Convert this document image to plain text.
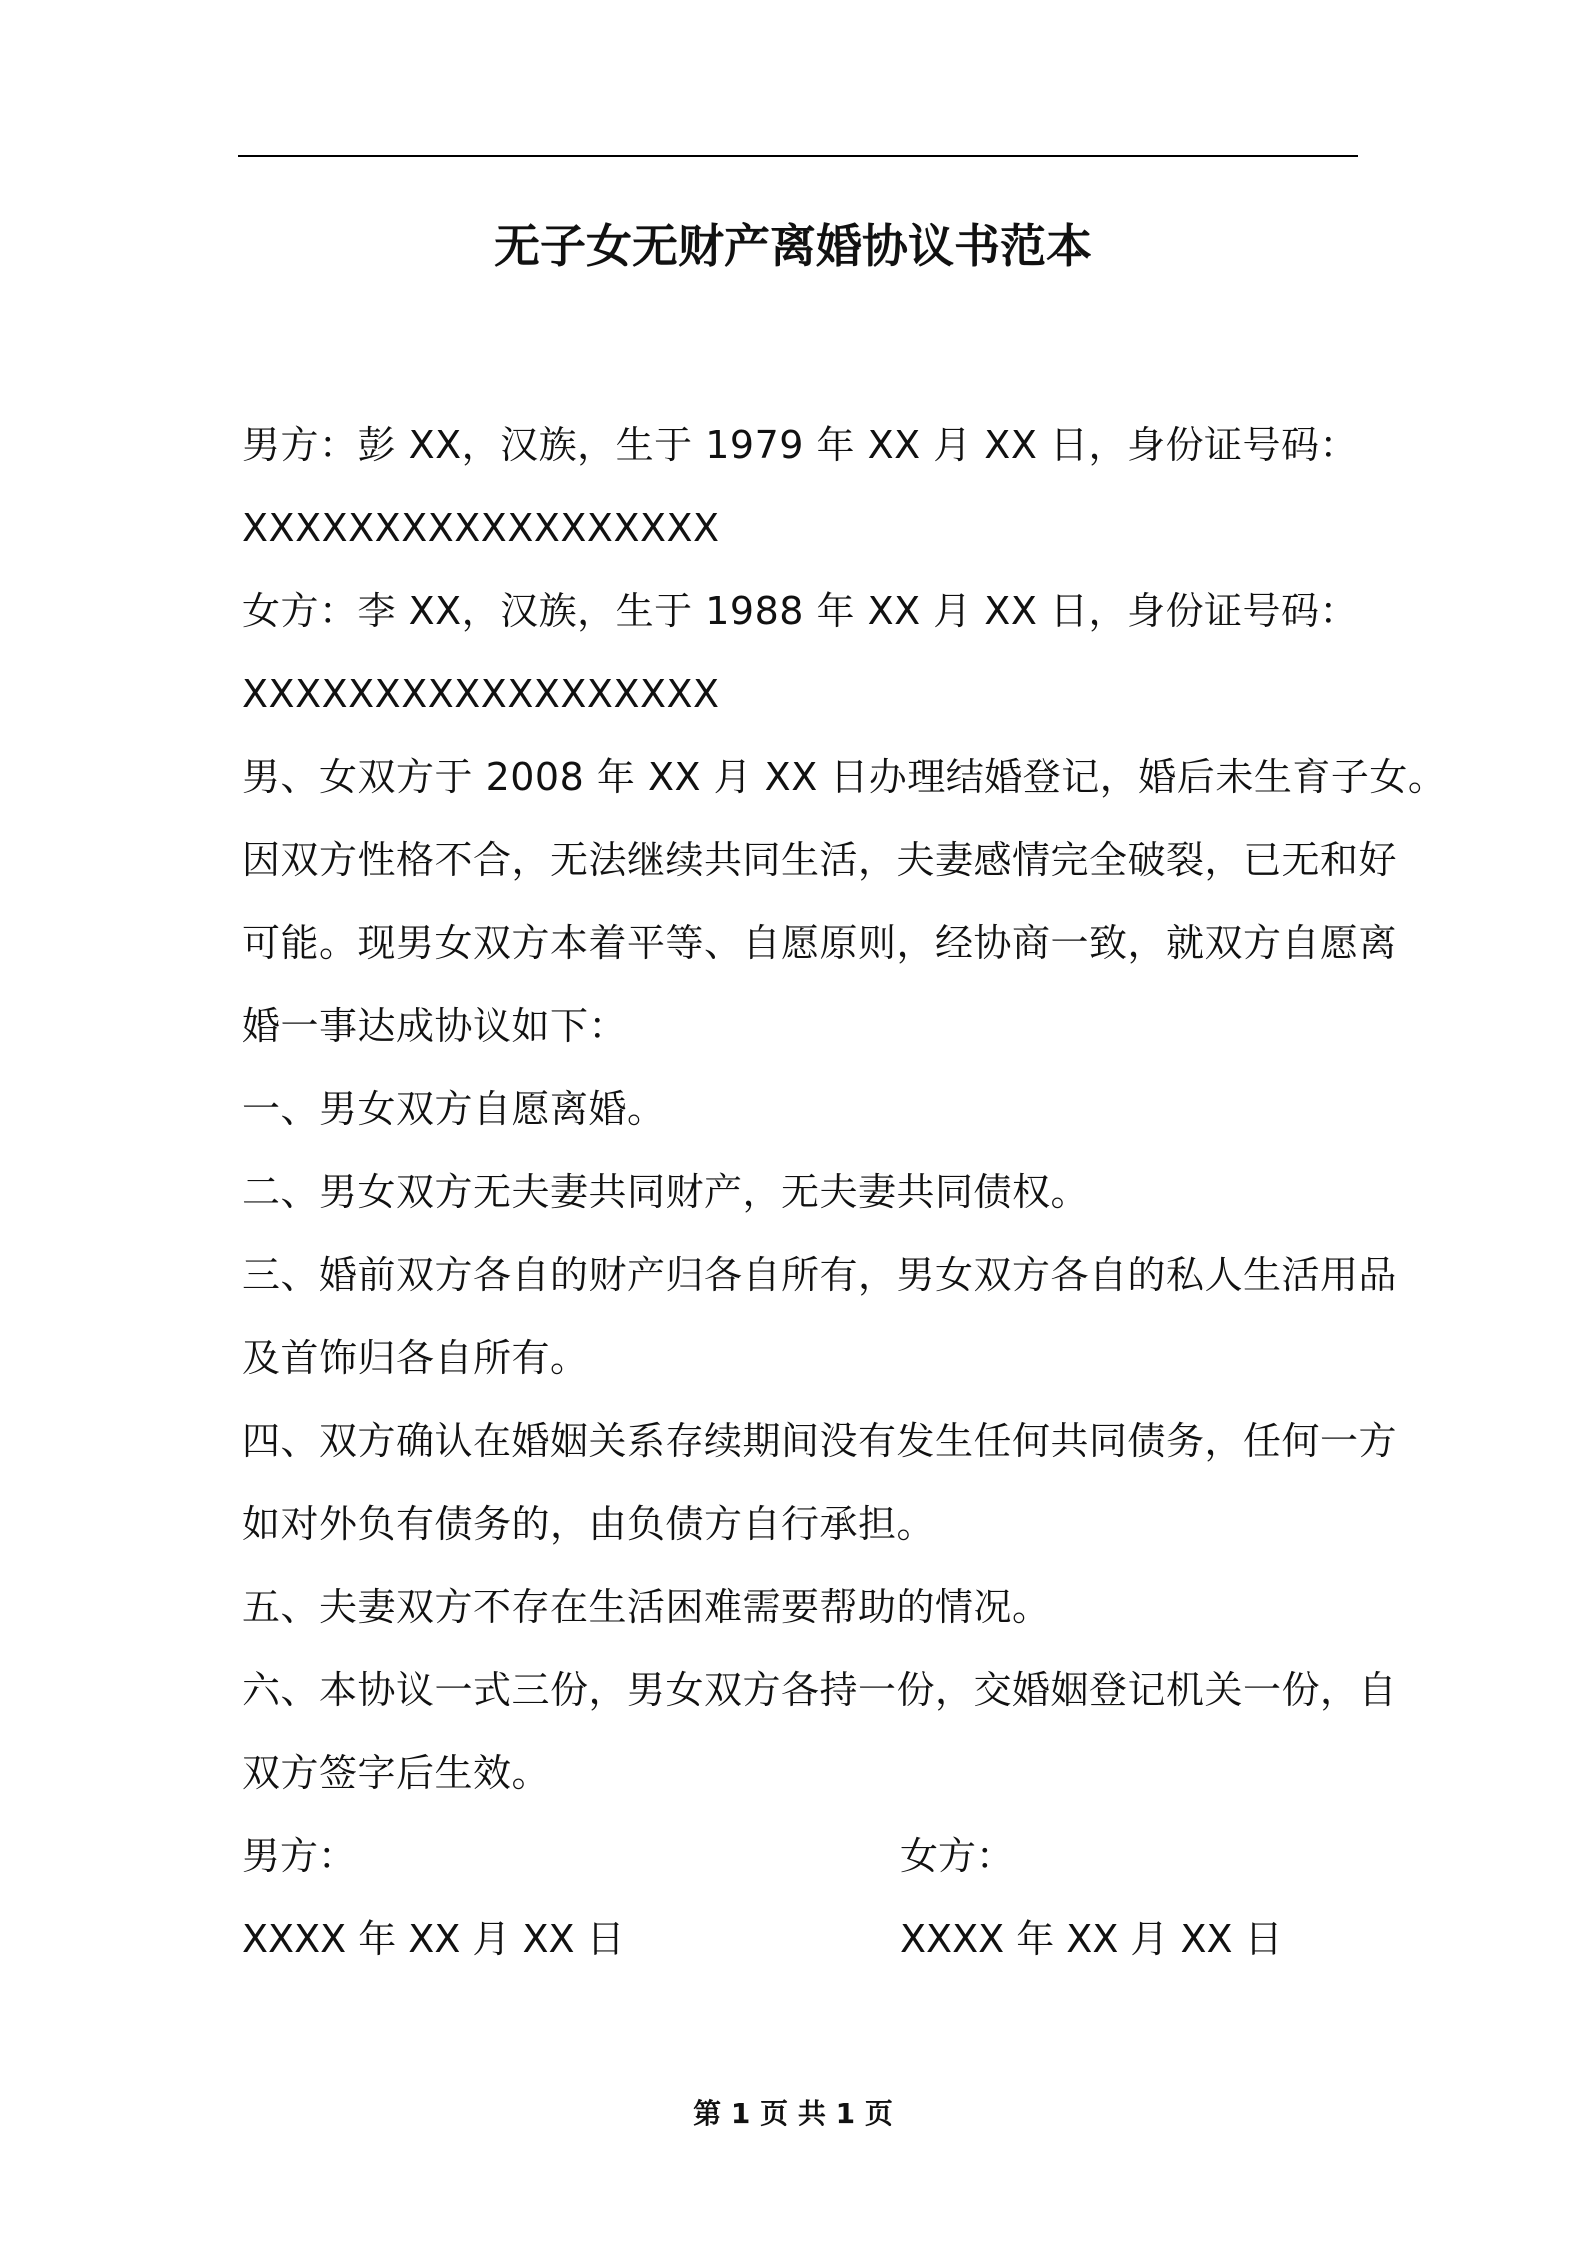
无子女无财产离婚协议书范本
男方：彭 XX，汉族，生于 1979 年 XX 月 XX 日，身份证号码：
XXXXXXXXXXXXXXXXXX
女方：李 XX，汉族，生于 1988 年 XX 月 XX 日，身份证号码：
XXXXXXXXXXXXXXXXXX
男、女双方于 2008 年 XX 月 XX 日办理结婚登记，婚后未生育子女。
因双方性格不合，无法继续共同生活，夫妻感情完全破裂，已无和好
可能。现男女双方本着平等、自愿原则，经协商一致，就双方自愿离
婚一事达成协议如下：
一、男女双方自愿离婚。
二、男女双方无夫妻共同财产，无夫妻共同债权。
三、婚前双方各自的财产归各自所有，男女双方各自的私人生活用品
及首饰归各自所有。
四、双方确认在婚姻关系存续期间没有发生任何共同债务，任何一方
如对外负有债务的，由负债方自行承担。
五、夫妻双方不存在生活困难需要帮助的情况。
六、本协议一式三份，男女双方各持一份，交婚姻登记机关一份，自
双方签字后生效。
男方：	女方：
XXXX 年 XX 月 XX 日	XXXX 年 XX 月 XX 日
第 1 页 共 1 页
